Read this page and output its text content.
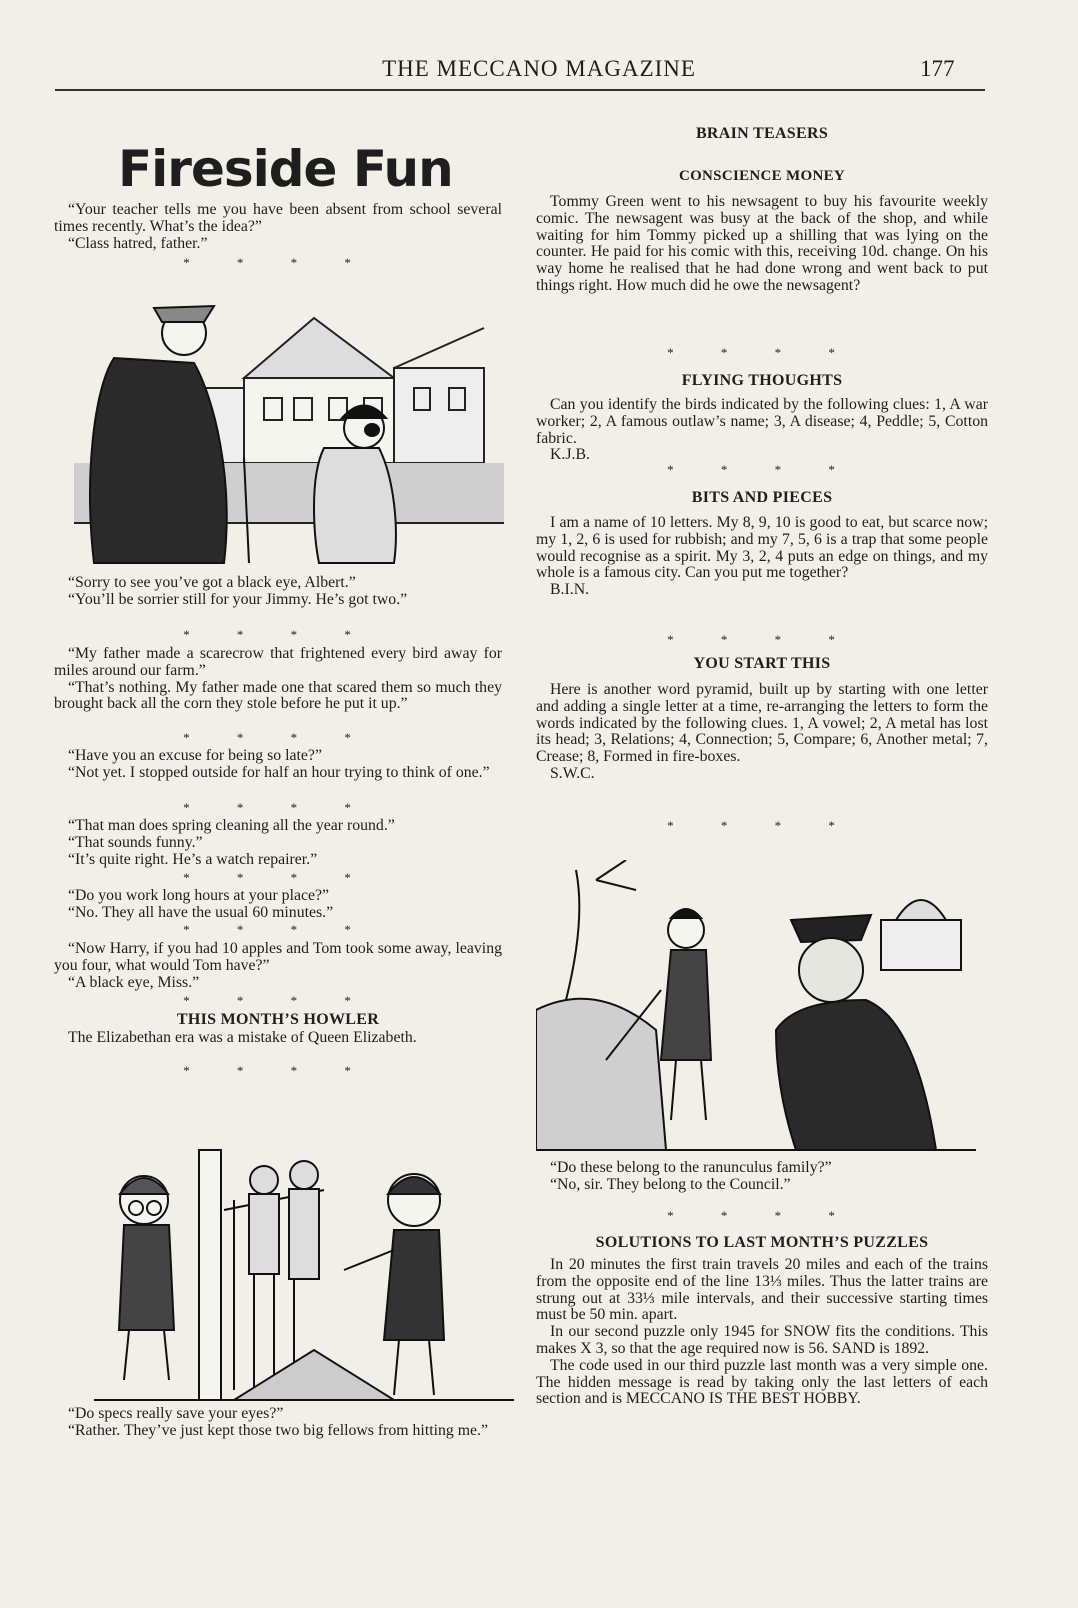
THE MECCANO MAGAZINE	177
Fireside Fun

“Your teacher tells me you have been absent from school several times recently. What’s the idea?”

“Class hatred, father.”

* * * *

“Sorry to see you’ve got a black eye, Albert.”

“You’ll be sorrier still for your Jimmy. He’s got two.”

* * * *

“My father made a scarecrow that frightened every bird away for miles around our farm.”

“That’s nothing. My father made one that scared them so much they brought back all the corn they stole before he put it up.”

* * * *

“Have you an excuse for being so late?”

“Not yet. I stopped outside for half an hour trying to think of one.”

* * * *

“That man does spring cleaning all the year round.”

“That sounds funny.”

“It’s quite right. He’s a watch repairer.”

* * * *

“Do you work long hours at your place?”

“No. They all have the usual 60 minutes.”

* * * *

“Now Harry, if you had 10 apples and Tom took some away, leaving you four, what would Tom have?”

“A black eye, Miss.”

* * * *
THIS MONTH’S HOWLER

The Elizabethan era was a mistake of Queen Elizabeth.

* * * *

“Do specs really save your eyes?”

“Rather. They’ve just kept those two big fellows from hitting me.”

BRAIN TEASERS
CONSCIENCE MONEY

Tommy Green went to his newsagent to buy his favourite weekly comic. The newsagent was busy at the back of the shop, and while waiting for him Tommy picked up a shilling that was lying on the counter. He paid for his comic with this, receiving 10d. change. On his way home he realised that he had done wrong and went back to put things right. How much did he owe the newsagent?

* * * *
FLYING THOUGHTS

Can you identify the birds indicated by the following clues: 1, A war worker; 2, A famous outlaw’s name; 3, A disease; 4, Peddle; 5, Cotton fabric.

K.J.B.

* * * *
BITS AND PIECES

I am a name of 10 letters. My 8, 9, 10 is good to eat, but scarce now; my 1, 2, 6 is used for rubbish; and my 7, 5, 6 is a trap that some people would recognise as a spirit. My 3, 2, 4 puts an edge on things, and my whole is a famous city. Can you put me together?

B.I.N.

* * * *
YOU START THIS

Here is another word pyramid, built up by starting with one letter and adding a single letter at a time, re-arranging the letters to form the words indicated by the following clues. 1, A vowel; 2, A metal has lost its head; 3, Relations; 4, Connection; 5, Compare; 6, Another metal; 7, Crease; 8, Formed in fire-boxes.

S.W.C.

* * * *

“Do these belong to the ranunculus family?”

“No, sir. They belong to the Council.”

* * * *
SOLUTIONS TO LAST MONTH’S PUZZLES

In 20 minutes the first train travels 20 miles and each of the trains from the opposite end of the line 13⅓ miles. Thus the latter trains are strung out at 33⅓ mile intervals, and their successive starting times must be 50 min. apart.

In our second puzzle only 1945 for SNOW fits the conditions. This makes X 3, so that the age required now is 56. SAND is 1892.

The code used in our third puzzle last month was a very simple one. The hidden message is read by taking only the last letters of each section and is MECCANO IS THE BEST HOBBY.
